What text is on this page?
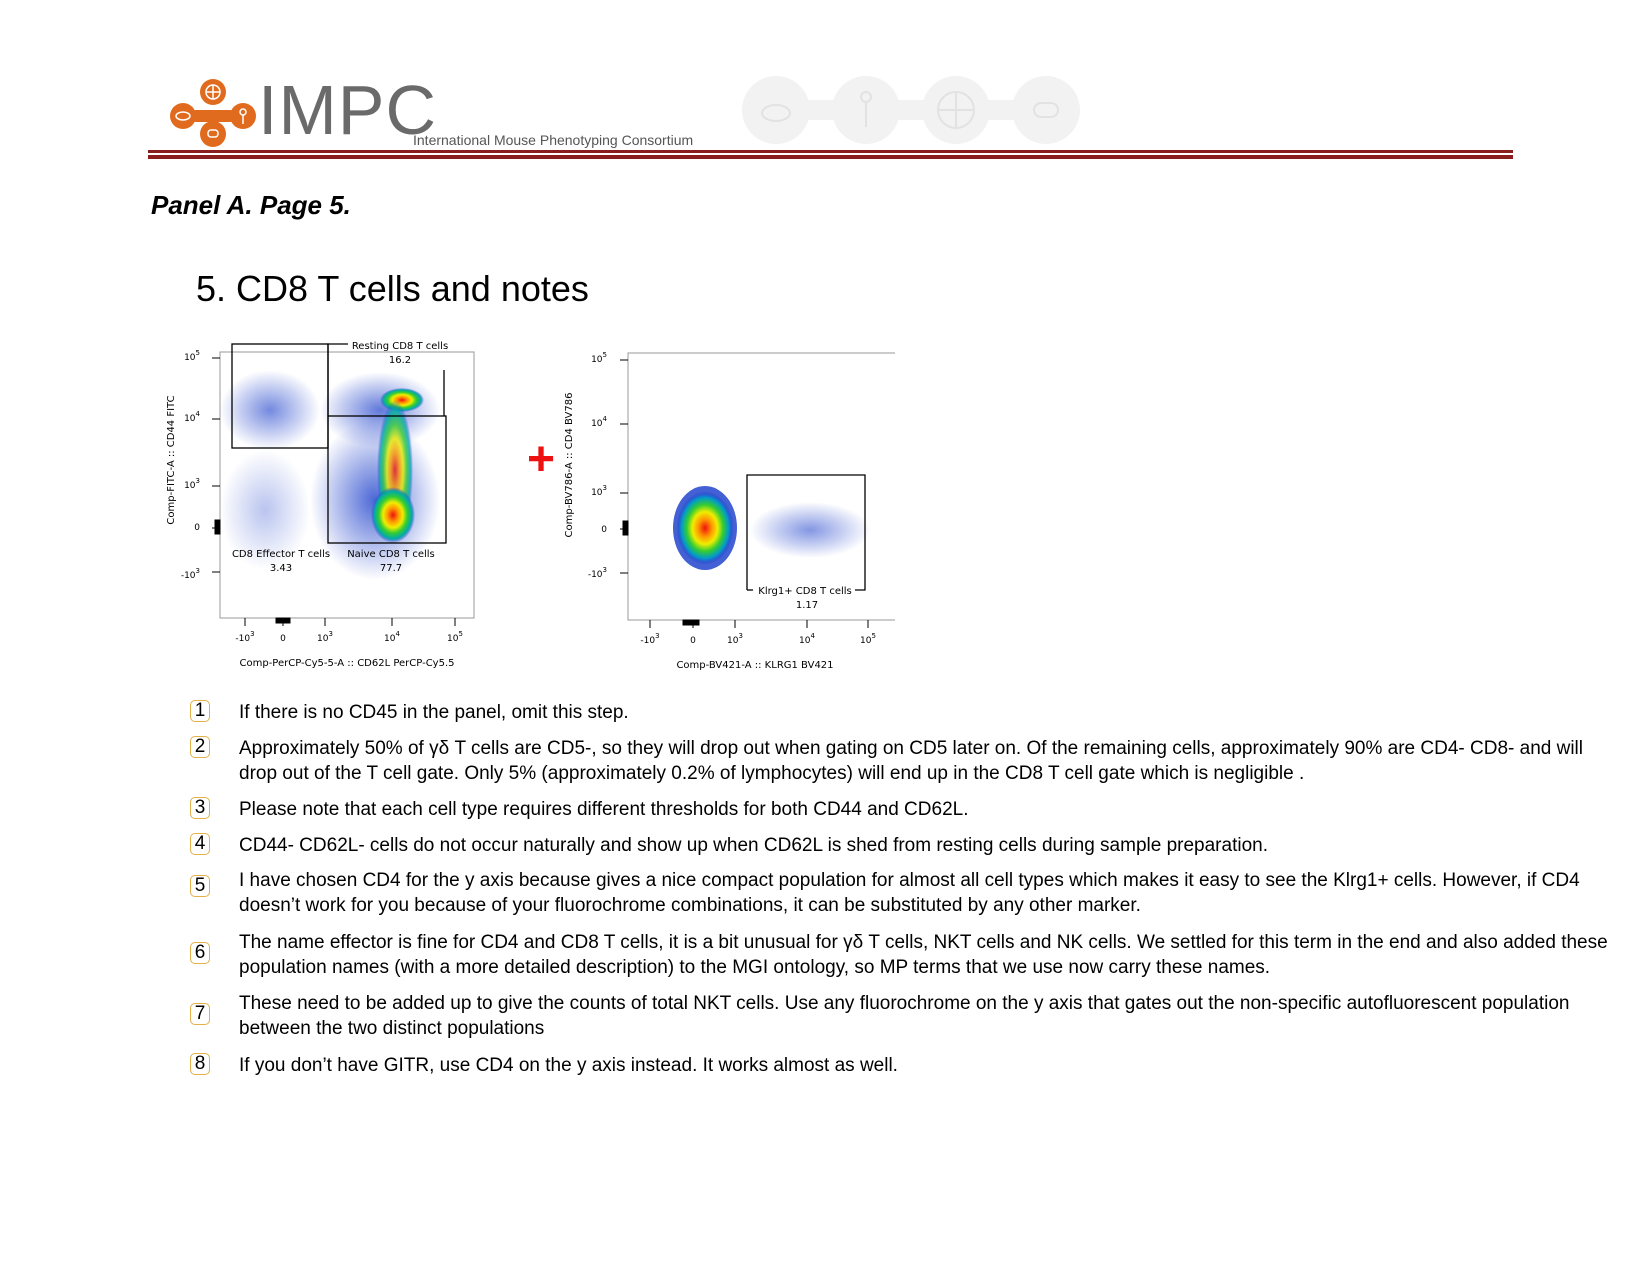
IMPC
International Mouse Phenotyping Consortium
Panel A. Page 5.
5. CD8 T cells and notes
Resting CD8 T cells
16.2
CD8 Effector T cells
3.43
Naive CD8 T cells
77.7
$10^5$
$10^4$
$10^3$
0
$-10^3$
$-10^3$	0	$10^3$	$10^4$	$10^5$
Comp-PerCP-Cy5-5-A :: CD62L PerCP-Cy5.5
Comp-FITC-A :: CD44 FITC	+
Klrg1+ CD8 T cells
1.17
$10^5$
$10^4$
$10^3$
0
$-10^3$
$-10^3$	0	$10^3$	$10^4$	$10^5$
Comp-BV421-A :: KLRG1 BV421
Comp-BV786-A :: CD4 BV786
1 If there is no CD45 in the panel, omit this step.
2 Approximately 50% of γδ T cells are CD5-, so they will drop out when gating on CD5 later on. Of the remaining cells, approximately 90% are CD4- CD8- and will drop out of the T cell gate. Only 5% (approximately 0.2% of lymphocytes) will end up in the CD8 T cell gate which is negligible .
3 Please note that each cell type requires different thresholds for both CD44 and CD62L.
4 CD44- CD62L- cells do not occur naturally and show up when CD62L is shed from resting cells during sample preparation.
5 I have chosen CD4 for the y axis because gives a nice compact population for almost all cell types which makes it easy to see the Klrg1+ cells. However, if CD4 doesn’t work for you because of your fluorochrome combinations, it can be substituted by any other marker.
6 The name effector is fine for CD4 and CD8 T cells, it is a bit unusual for γδ T cells, NKT cells and NK cells. We settled for this term in the end and also added these population names (with a more detailed description) to the MGI ontology, so MP terms that we use now carry these names.
7 These need to be added up to give the counts of total NKT cells. Use any fluorochrome on the y axis that gates out the non-specific autofluorescent population between the two distinct populations
8 If you don’t have GITR, use CD4 on the y axis instead. It works almost as well.
